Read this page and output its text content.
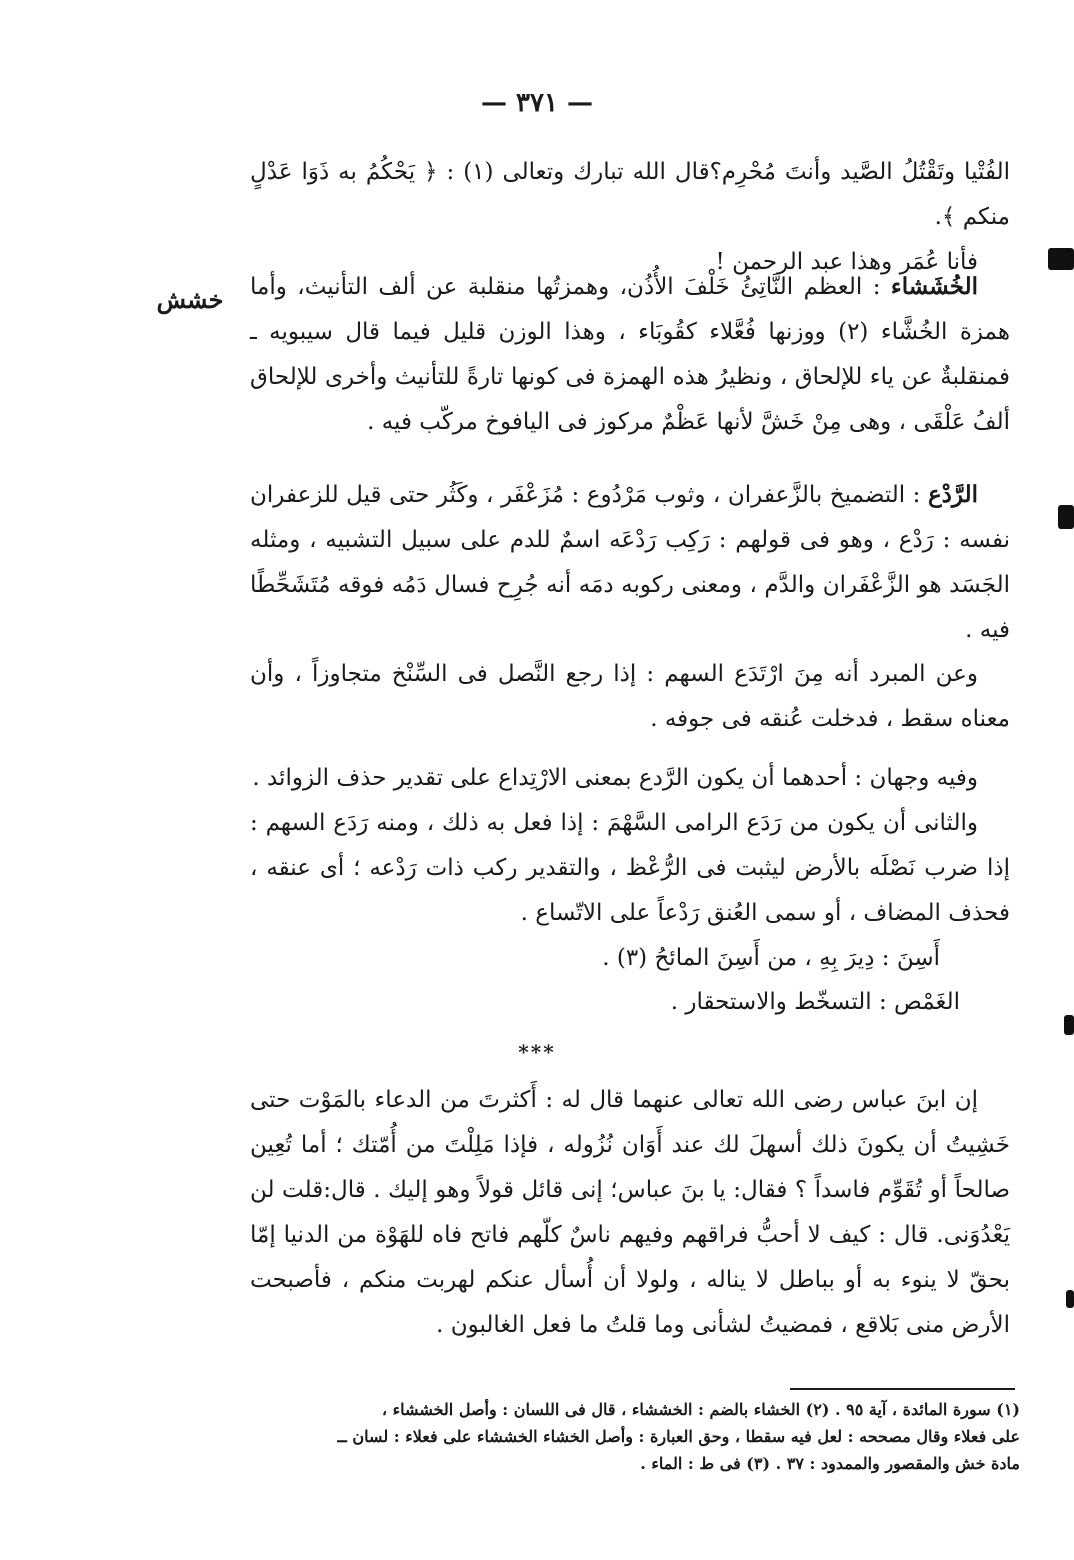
— ٣٧١ —

الفُتْيا وتَقْتُلُ الصَّيد وأنتَ مُحْرِم؟قال الله تبارك وتعالى (١) : ﴿ يَحْكُمُ به ذَوَا عَدْلٍ منكم ﴾.

فأنا عُمَر وهذا عبد الرحمن !

خشش	الخُشَشاء : العظم النَّاتِئُ خَلْفَ الأُذُن، وهمزتُها منقلبة عن ألف التأنيث، وأما همزة الخُشَّاء (٢) ووزنها فُعَّلاء كقُوبَاء ، وهذا الوزن قليل فيما قال سيبويه ـ فمنقلبةٌ عن ياء للإلحاق ، ونظيرُ هذه الهمزة فى كونها تارةً للتأنيث وأخرى للإلحاق ألفُ عَلْقَى ، وهى مِنْ خَشَّ لأنها عَظْمٌ مركوز فى اليافوخ مركّب فيه .

الرَّدْع : التضميخ بالزَّعفران ، وثوب مَرْدُوع : مُزَعْفَر ، وكَثُر حتى قيل للزعفران نفسه : رَدْع ، وهو فى قولهم : رَكِب رَدْعَه اسمٌ للدم على سبيل التشبيه ، ومثله الجَسَد هو الزَّعْفَران والدَّم ، ومعنى ركوبه دمَه أنه جُرِح فسال دَمُه فوقه مُتَشَحِّطًا فيه .

وعن المبرد أنه مِنَ ارْتَدَع السهم : إذا رجع النَّصل فى السِّنْخ متجاوزاً ، وأن معناه سقط ، فدخلت عُنقه فى جوفه .

وفيه وجهان : أحدهما أن يكون الرَّدع بمعنى الارْتِداع على تقدير حذف الزوائد .

والثانى أن يكون من رَدَع الرامى السَّهْمَ : إذا فعل به ذلك ، ومنه رَدَع السهم : إذا ضرب نَصْلَه بالأرض ليثبت فى الرُّعْظ ، والتقدير ركب ذات رَدْعه ؛ أى عنقه ، فحذف المضاف ، أو سمى العُنق رَدْعاً على الاتّساع .

أَسِنَ : دِيرَ بِهِ ، من أَسِنَ المائحُ (٣) .

الغَمْص : التسخّط والاستحقار .

***

إن ابنَ عباس رضى الله تعالى عنهما قال له : أَكثرتَ من الدعاء بالمَوْت حتى خَشِيتُ أن يكونَ ذلك أسهلَ لك عند أَوَان نُزُوله ، فإذا مَلِلْتَ من أُمّتك ؛ أما تُعِين صالحاً أو تُقَوِّم فاسداً ؟ فقال: يا بنَ عباس؛ إنى قائل قولاً وهو إليك . قال:قلت لن يَعْدُوَنى. قال : كيف لا أحبُّ فراقهم وفيهم ناسٌ كلّهم فاتح فاه للهَوْة من الدنيا إمّا بحقّ لا ينوء به أو بباطل لا يناله ، ولولا أن أُسأل عنكم لهربت منكم ، فأصبحت الأرض منى بَلاقع ، فمضيتُ لشأنى وما قلتُ ما فعل الغالبون .

(١) سورة المائدة ، آية ٩٥ . (٢) الخشاء بالضم : الخششاء ، قال فى اللسان : وأصل الخششاء ،

على فعلاء وقال مصححه : لعل فيه سقطا ، وحق العبارة : وأصل الخشاء الخششاء على فعلاء : لسان ــ

مادة خش والمقصور والممدود : ٣٧ . (٣) فى ط : الماء .
